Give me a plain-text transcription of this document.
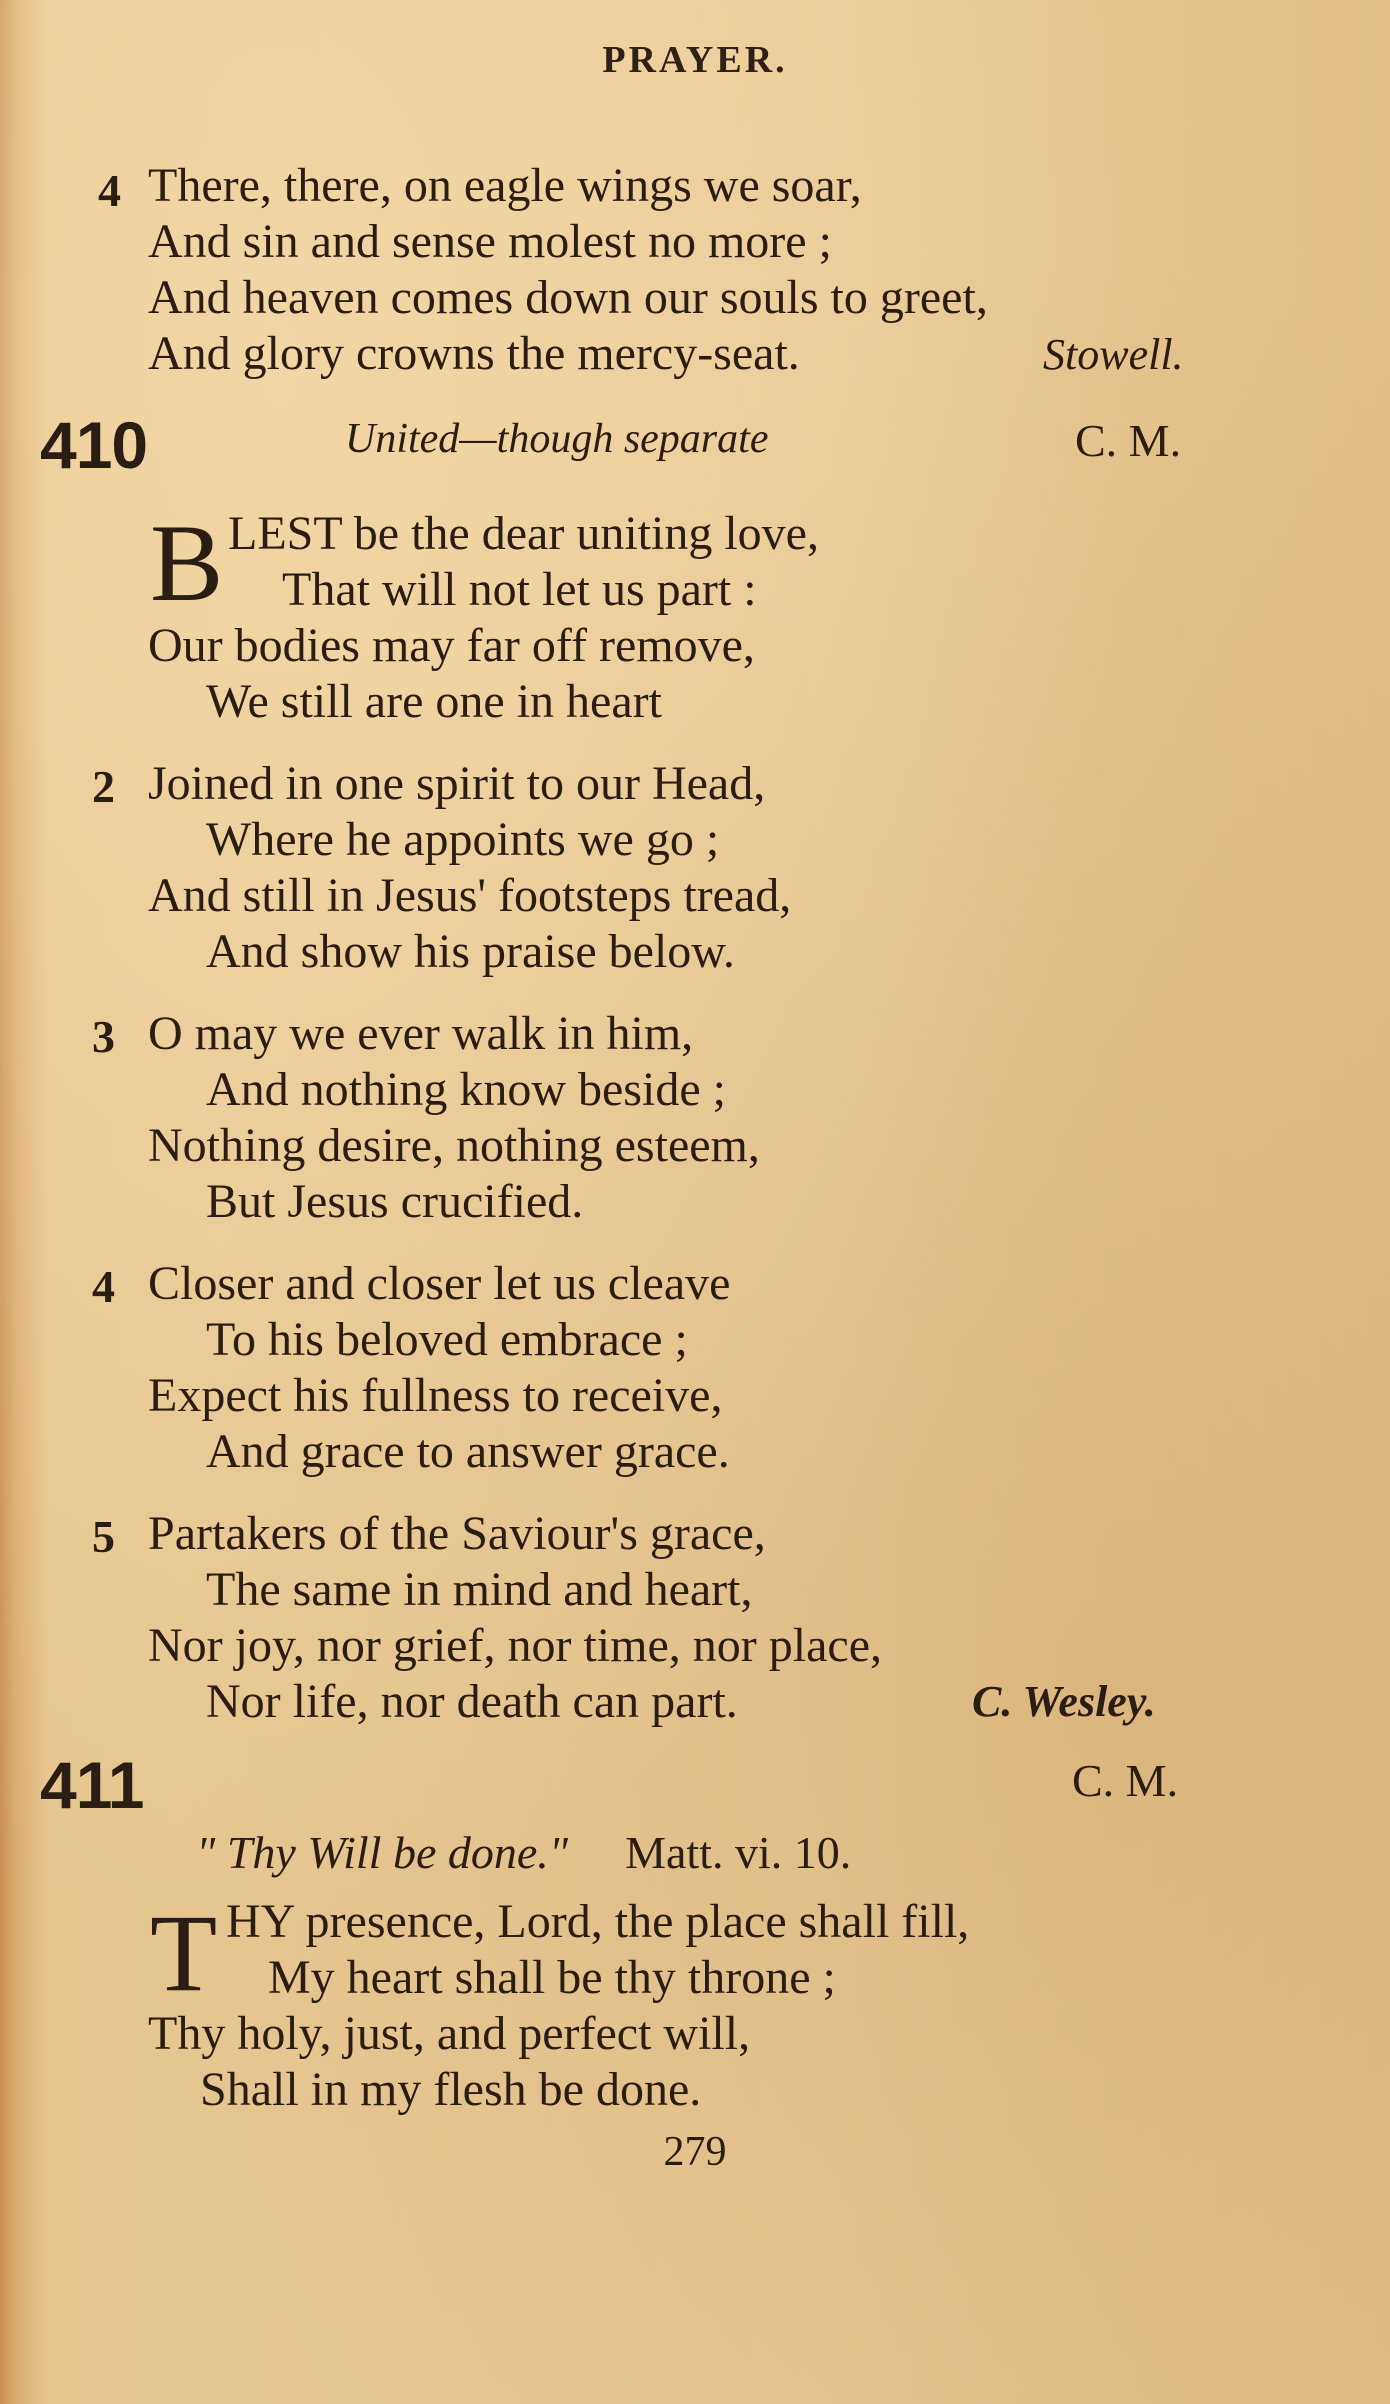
PRAYER.
4 There, there, on eagle wings we soar,
And sin and sense molest no more ;
And heaven comes down our souls to greet,
And glory crowns the mercy-seat.	Stowell.
410	United—though separate	C. M.
B LEST be the dear uniting love,
That will not let us part :
Our bodies may far off remove,
We still are one in heart
2 Joined in one spirit to our Head,
Where he appoints we go ;
And still in Jesus' footsteps tread,
And show his praise below.
3 O may we ever walk in him,
And nothing know beside ;
Nothing desire, nothing esteem,
But Jesus crucified.
4 Closer and closer let us cleave
To his beloved embrace ;
Expect his fullness to receive,
And grace to answer grace.
5 Partakers of the Saviour's grace,
The same in mind and heart,
Nor joy, nor grief, nor time, nor place,
Nor life, nor death can part.	C. Wesley.
411	C. M.
" Thy Will be done." Matt. vi. 10.
T HY presence, Lord, the place shall fill,
My heart shall be thy throne ;
Thy holy, just, and perfect will,
Shall in my flesh be done.
279
